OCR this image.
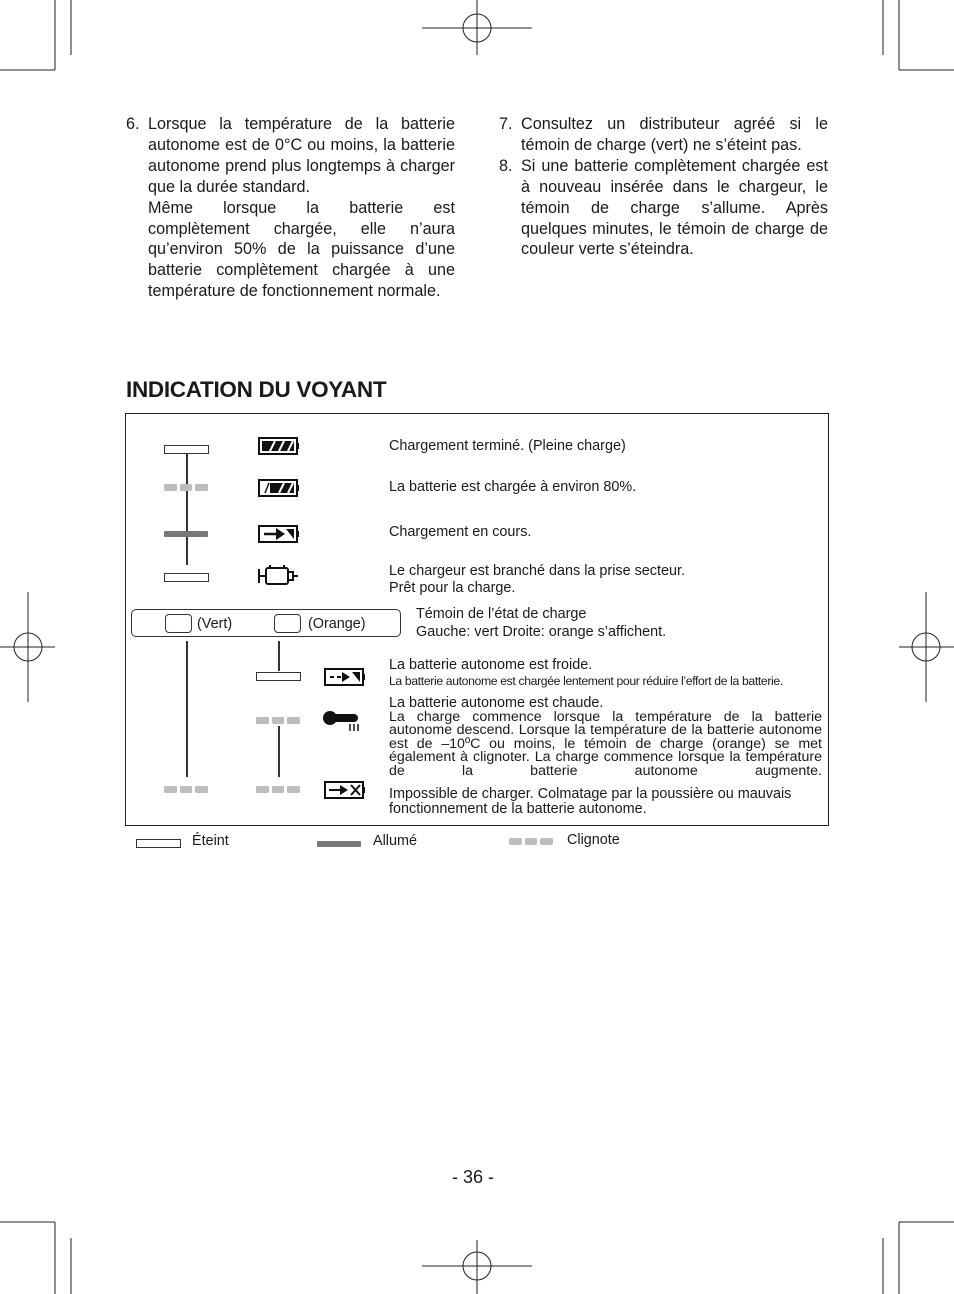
6. Lorsque la température de la batterie autonome est de 0°C ou moins, la batterie autonome prend plus longtemps à charger que la durée standard.

Même lorsque la batterie est complètement chargée, elle n’aura qu’environ 50% de la puissance d’une batterie complètement chargée à une température de fonctionnement normale.

7. Consultez un distributeur agréé si le témoin de charge (vert) ne s’éteint pas.
8. Si une batterie complètement chargée est à nouveau insérée dans le chargeur, le témoin de charge s’allume. Après quelques minutes, le témoin de charge de couleur verte s’éteindra.
INDICATION DU VOYANT
Chargement terminé. (Pleine charge)
La batterie est chargée à environ 80%.
Chargement en cours.
Le chargeur est branché dans la prise secteur.
Prêt pour la charge.
(Vert)	(Orange)
Témoin de l’état de charge
Gauche: vert Droite: orange s’affichent.
La batterie autonome est froide.
La batterie autonome est chargée lentement pour réduire l’effort de la batterie.
La batterie autonome est chaude.
La charge commence lorsque la température de la batterie autonome descend. Lorsque la température de la batterie autonome est de –10ºC ou moins, le témoin de charge (orange) se met également à clignoter. La charge commence lorsque la température de la batterie autonome augmente.
Impossible de charger. Colmatage par la poussière ou mauvais
fonctionnement de la batterie autonome.
Éteint	Allumé	Clignote
- 36 -
